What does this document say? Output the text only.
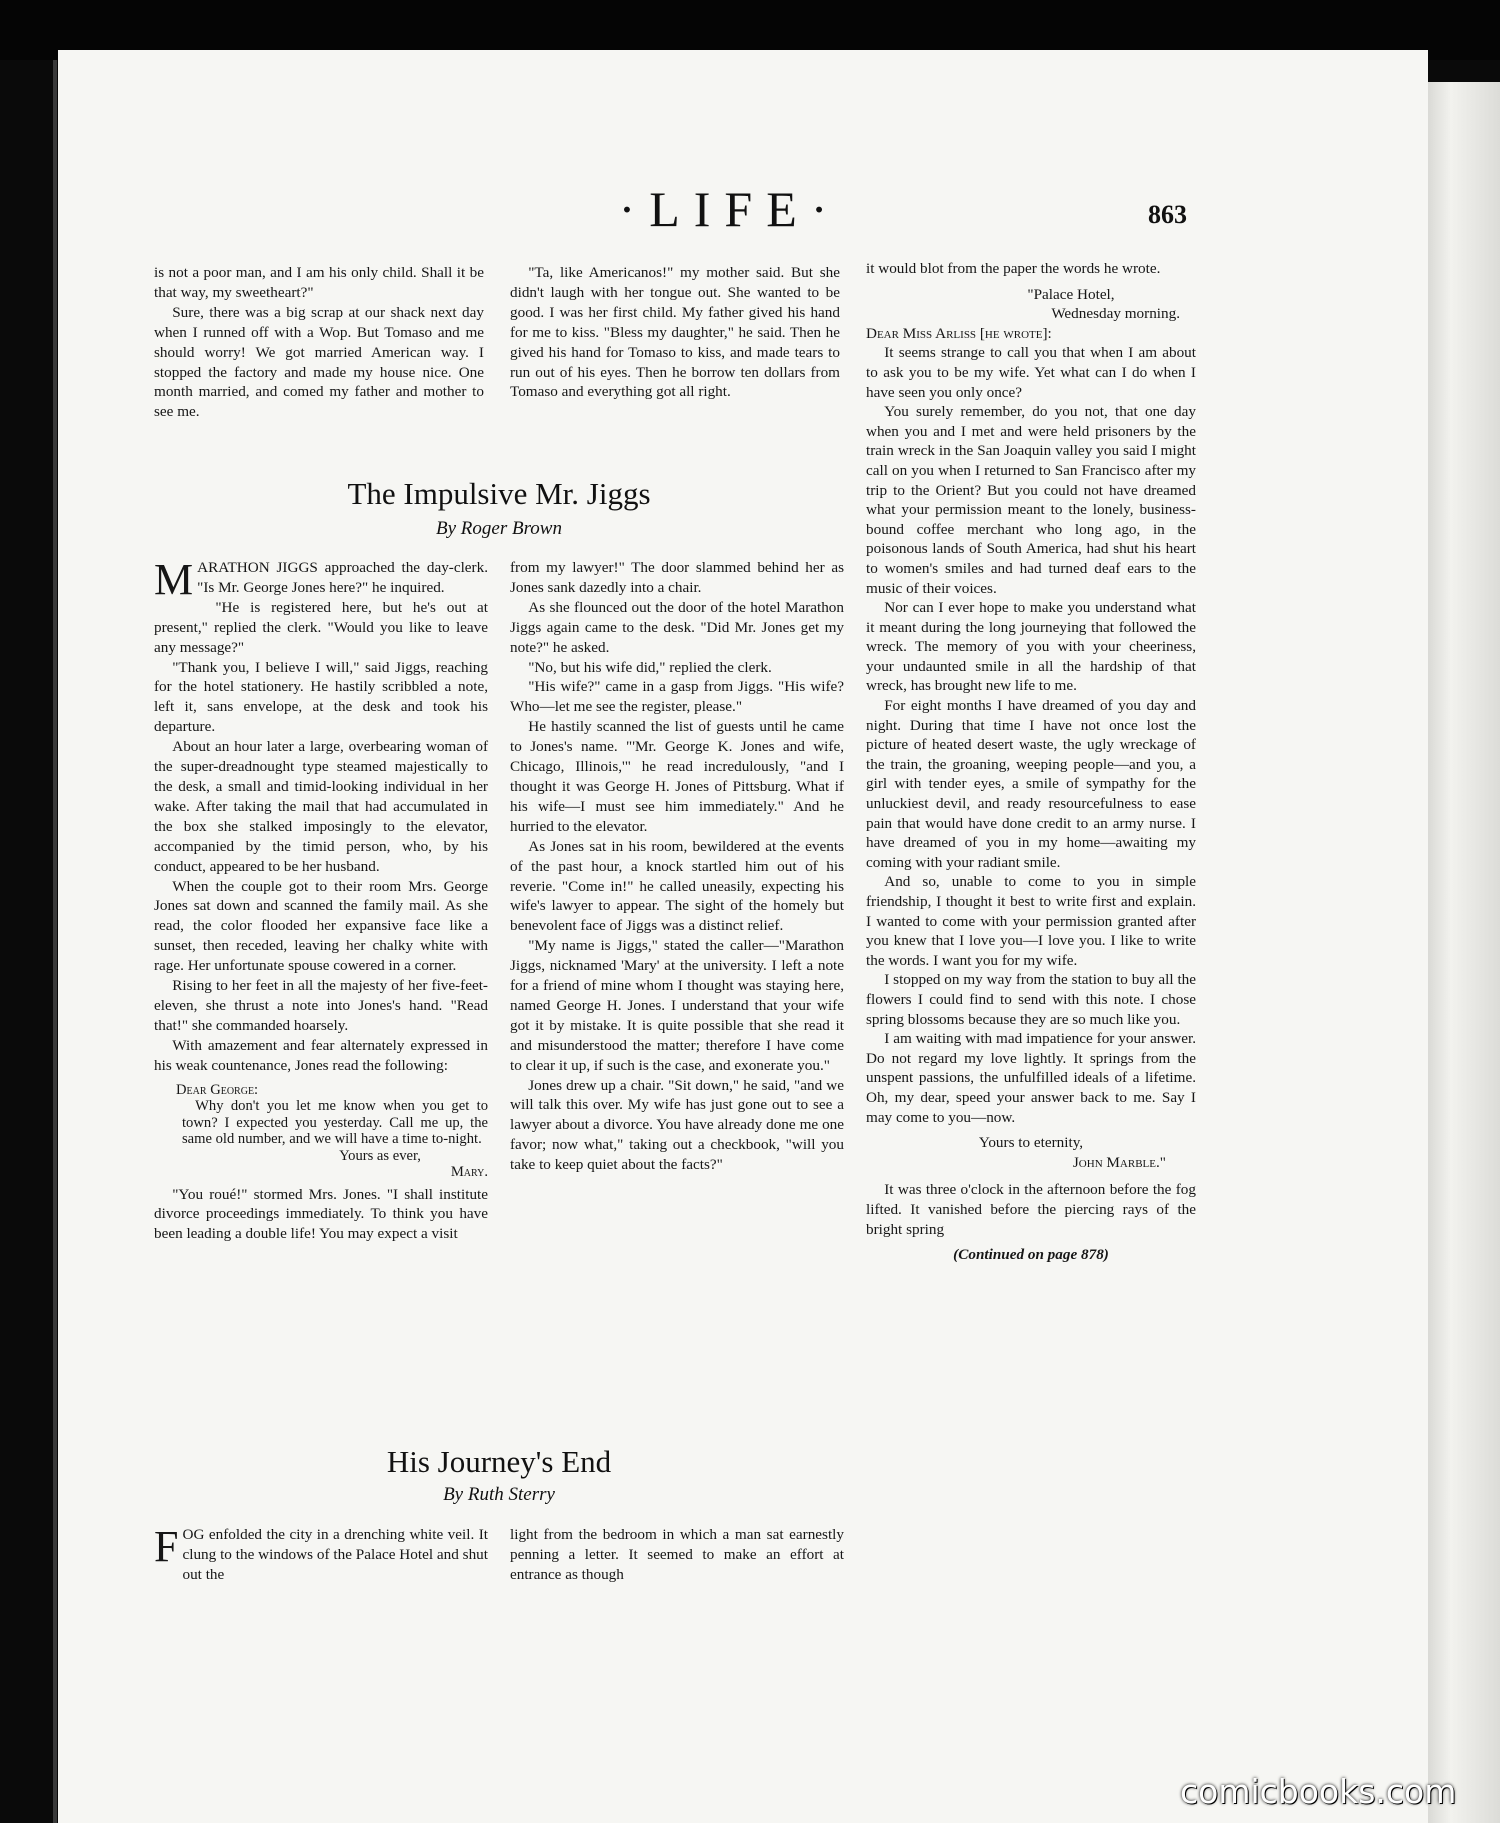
·LIFE·	863

is not a poor man, and I am his only child. Shall it be that way, my sweetheart?"

Sure, there was a big scrap at our shack next day when I runned off with a Wop. But Tomaso and me should worry! We got married American way. I stopped the factory and made my house nice. One month married, and comed my father and mother to see me.

"Ta, like Americanos!" my mother said. But she didn't laugh with her tongue out. She wanted to be good. I was her first child. My father gived his hand for me to kiss. "Bless my daughter," he said. Then he gived his hand for Tomaso to kiss, and made tears to run out of his eyes. Then he borrow ten dollars from Tomaso and everything got all right.

The Impulsive Mr. Jiggs
By Roger Brown

MARATHON JIGGS approached the day-clerk. "Is Mr. George Jones here?" he inquired.

"He is registered here, but he's out at present," replied the clerk. "Would you like to leave any message?"

"Thank you, I believe I will," said Jiggs, reaching for the hotel stationery. He hastily scribbled a note, left it, sans envelope, at the desk and took his departure.

About an hour later a large, overbearing woman of the super-dreadnought type steamed majestically to the desk, a small and timid-looking individual in her wake. After taking the mail that had accumulated in the box she stalked imposingly to the elevator, accompanied by the timid person, who, by his conduct, appeared to be her husband.

When the couple got to their room Mrs. George Jones sat down and scanned the family mail. As she read, the color flooded her expansive face like a sunset, then receded, leaving her chalky white with rage. Her unfortunate spouse cowered in a corner.

Rising to her feet in all the majesty of her five-feet-eleven, she thrust a note into Jones's hand. "Read that!" she commanded hoarsely.

With amazement and fear alternately expressed in his weak countenance, Jones read the following:

Dear George:

Why don't you let me know when you get to town? I expected you yesterday. Call me up, the same old number, and we will have a time to-night.

Yours as ever,

Mary.

"You roué!" stormed Mrs. Jones. "I shall institute divorce proceedings immediately. To think you have been leading a double life! You may expect a visit

from my lawyer!" The door slammed behind her as Jones sank dazedly into a chair.

As she flounced out the door of the hotel Marathon Jiggs again came to the desk. "Did Mr. Jones get my note?" he asked.

"No, but his wife did," replied the clerk.

"His wife?" came in a gasp from Jiggs. "His wife? Who—let me see the register, please."

He hastily scanned the list of guests until he came to Jones's name. "'Mr. George K. Jones and wife, Chicago, Illinois,'" he read incredulously, "and I thought it was George H. Jones of Pittsburg. What if his wife—I must see him immediately." And he hurried to the elevator.

As Jones sat in his room, bewildered at the events of the past hour, a knock startled him out of his reverie. "Come in!" he called uneasily, expecting his wife's lawyer to appear. The sight of the homely but benevolent face of Jiggs was a distinct relief.

"My name is Jiggs," stated the caller—"Marathon Jiggs, nicknamed 'Mary' at the university. I left a note for a friend of mine whom I thought was staying here, named George H. Jones. I understand that your wife got it by mistake. It is quite possible that she read it and misunderstood the matter; therefore I have come to clear it up, if such is the case, and exonerate you."

Jones drew up a chair. "Sit down," he said, "and we will talk this over. My wife has just gone out to see a lawyer about a divorce. You have already done me one favor; now what," taking out a checkbook, "will you take to keep quiet about the facts?"

His Journey's End
By Ruth Sterry

FOG enfolded the city in a drenching white veil. It clung to the windows of the Palace Hotel and shut out the

light from the bedroom in which a man sat earnestly penning a letter. It seemed to make an effort at entrance as though

it would blot from the paper the words he wrote.

"Palace Hotel,

Wednesday morning.

Dear Miss Arliss [he wrote]:

It seems strange to call you that when I am about to ask you to be my wife. Yet what can I do when I have seen you only once?

You surely remember, do you not, that one day when you and I met and were held prisoners by the train wreck in the San Joaquin valley you said I might call on you when I returned to San Francisco after my trip to the Orient? But you could not have dreamed what your permission meant to the lonely, business-bound coffee merchant who long ago, in the poisonous lands of South America, had shut his heart to women's smiles and had turned deaf ears to the music of their voices.

Nor can I ever hope to make you understand what it meant during the long journeying that followed the wreck. The memory of you with your cheeriness, your undaunted smile in all the hardship of that wreck, has brought new life to me.

For eight months I have dreamed of you day and night. During that time I have not once lost the picture of heated desert waste, the ugly wreckage of the train, the groaning, weeping people—and you, a girl with tender eyes, a smile of sympathy for the unluckiest devil, and ready resourcefulness to ease pain that would have done credit to an army nurse. I have dreamed of you in my home—awaiting my coming with your radiant smile.

And so, unable to come to you in simple friendship, I thought it best to write first and explain. I wanted to come with your permission granted after you knew that I love you—I love you. I like to write the words. I want you for my wife.

I stopped on my way from the station to buy all the flowers I could find to send with this note. I chose spring blossoms because they are so much like you.

I am waiting with mad impatience for your answer. Do not regard my love lightly. It springs from the unspent passions, the unfulfilled ideals of a lifetime. Oh, my dear, speed your answer back to me. Say I may come to you—now.

Yours to eternity,

John Marble."

It was three o'clock in the afternoon before the fog lifted. It vanished before the piercing rays of the bright spring

(Continued on page 878)

comicbooks.com
